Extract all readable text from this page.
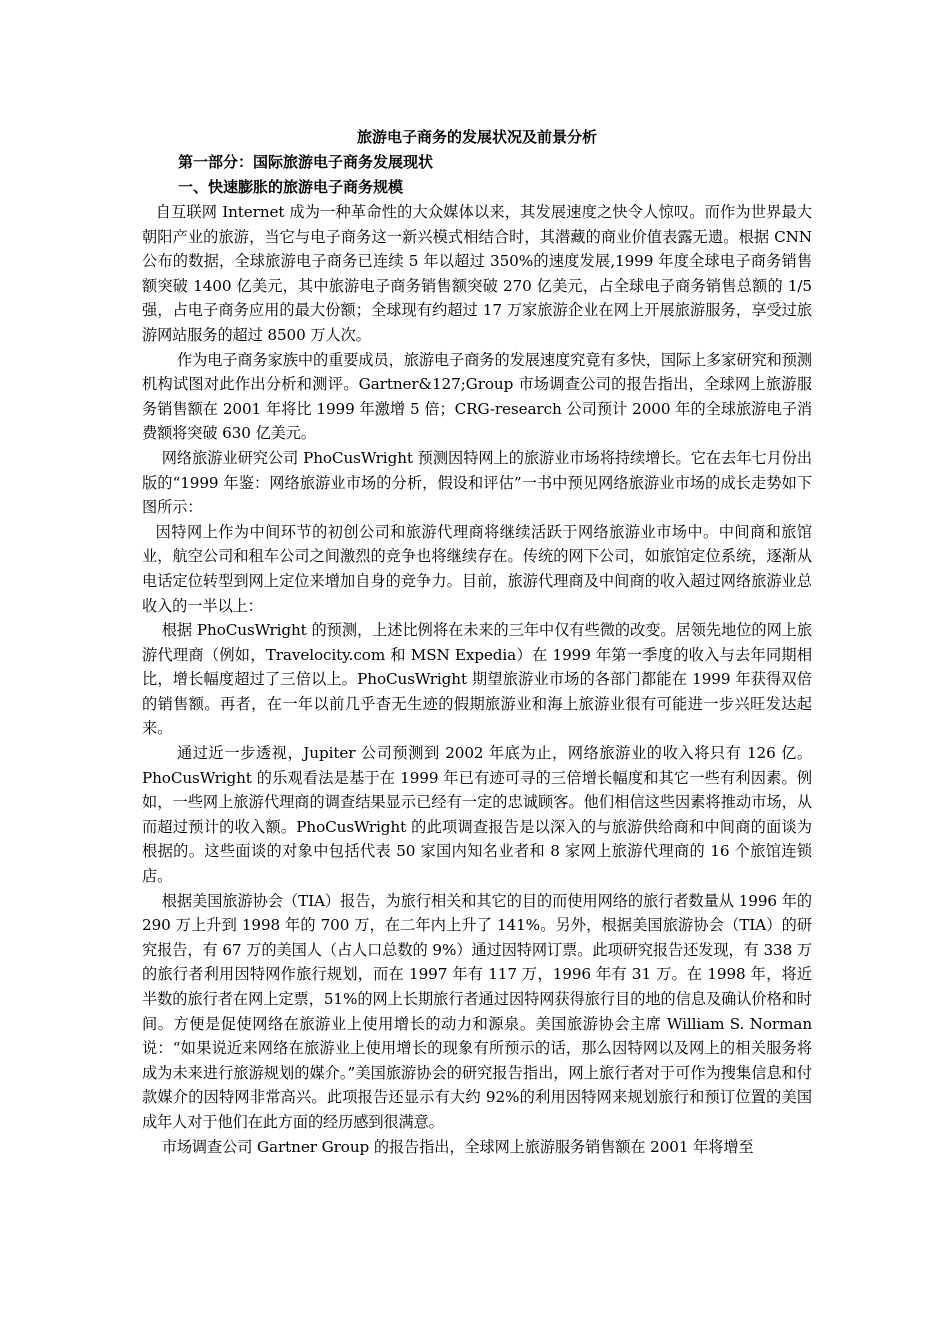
旅游电子商务的发展状况及前景分析
第一部分：国际旅游电子商务发展现状
一、快速膨胀的旅游电子商务规模

自互联网 Internet 成为一种革命性的大众媒体以来，其发展速度之快令人惊叹。而作为世界最大朝阳产业的旅游，当它与电子商务这一新兴模式相结合时，其潜藏的商业价值表露无遗。根据 CNN 公布的数据，全球旅游电子商务已连续 5 年以超过 350%的速度发展,1999 年度全球电子商务销售额突破 1400 亿美元，其中旅游电子商务销售额突破 270 亿美元，占全球电子商务销售总额的 1/5 强，占电子商务应用的最大份额；全球现有约超过 17 万家旅游企业在网上开展旅游服务，享受过旅游网站服务的超过 8500 万人次。

作为电子商务家族中的重要成员，旅游电子商务的发展速度究竟有多快，国际上多家研究和预测机构试图对此作出分析和测评。Gartner&127;Group 市场调查公司的报告指出，全球网上旅游服务销售额在 2001 年将比 1999 年激增 5 倍；CRG-research 公司预计 2000 年的全球旅游电子消费额将突破 630 亿美元。

网络旅游业研究公司 PhoCusWright 预测因特网上的旅游业市场将持续增长。它在去年七月份出版的“1999 年鉴：网络旅游业市场的分析，假设和评估”一书中预见网络旅游业市场的成长走势如下图所示：

因特网上作为中间环节的初创公司和旅游代理商将继续活跃于网络旅游业市场中。中间商和旅馆业，航空公司和租车公司之间激烈的竞争也将继续存在。传统的网下公司，如旅馆定位系统，逐渐从电话定位转型到网上定位来增加自身的竞争力。目前，旅游代理商及中间商的收入超过网络旅游业总收入的一半以上：

根据 PhoCusWright 的预测，上述比例将在未来的三年中仅有些微的改变。居领先地位的网上旅游代理商（例如，Travelocity.com 和 MSN Expedia）在 1999 年第一季度的收入与去年同期相比，增长幅度超过了三倍以上。PhoCusWright 期望旅游业市场的各部门都能在 1999 年获得双倍的销售额。再者，在一年以前几乎杳无生迹的假期旅游业和海上旅游业很有可能进一步兴旺发达起来。

通过近一步透视，Jupiter 公司预测到 2002 年底为止，网络旅游业的收入将只有 126 亿。PhoCusWright 的乐观看法是基于在 1999 年已有迹可寻的三倍增长幅度和其它一些有利因素。例如，一些网上旅游代理商的调查结果显示已经有一定的忠诚顾客。他们相信这些因素将推动市场，从而超过预计的收入额。PhoCusWright 的此项调查报告是以深入的与旅游供给商和中间商的面谈为根据的。这些面谈的对象中包括代表 50 家国内知名业者和 8 家网上旅游代理商的 16 个旅馆连锁店。

根据美国旅游协会（TIA）报告，为旅行相关和其它的目的而使用网络的旅行者数量从 1996 年的 290 万上升到 1998 年的 700 万，在二年内上升了 141%。另外，根据美国旅游协会（TIA）的研究报告，有 67 万的美国人（占人口总数的 9%）通过因特网订票。此项研究报告还发现，有 338 万的旅行者利用因特网作旅行规划，而在 1997 年有 117 万，1996 年有 31 万。在 1998 年，将近半数的旅行者在网上定票，51%的网上长期旅行者通过因特网获得旅行目的地的信息及确认价格和时间。方便是促使网络在旅游业上使用增长的动力和源泉。美国旅游协会主席 William S. Norman 说：“如果说近来网络在旅游业上使用增长的现象有所预示的话，那么因特网以及网上的相关服务将成为未来进行旅游规划的媒介。”美国旅游协会的研究报告指出，网上旅行者对于可作为搜集信息和付款媒介的因特网非常高兴。此项报告还显示有大约 92%的利用因特网来规划旅行和预订位置的美国成年人对于他们在此方面的经历感到很满意。

市场调查公司 Gartner Group 的报告指出，全球网上旅游服务销售额在 2001 年将增至
